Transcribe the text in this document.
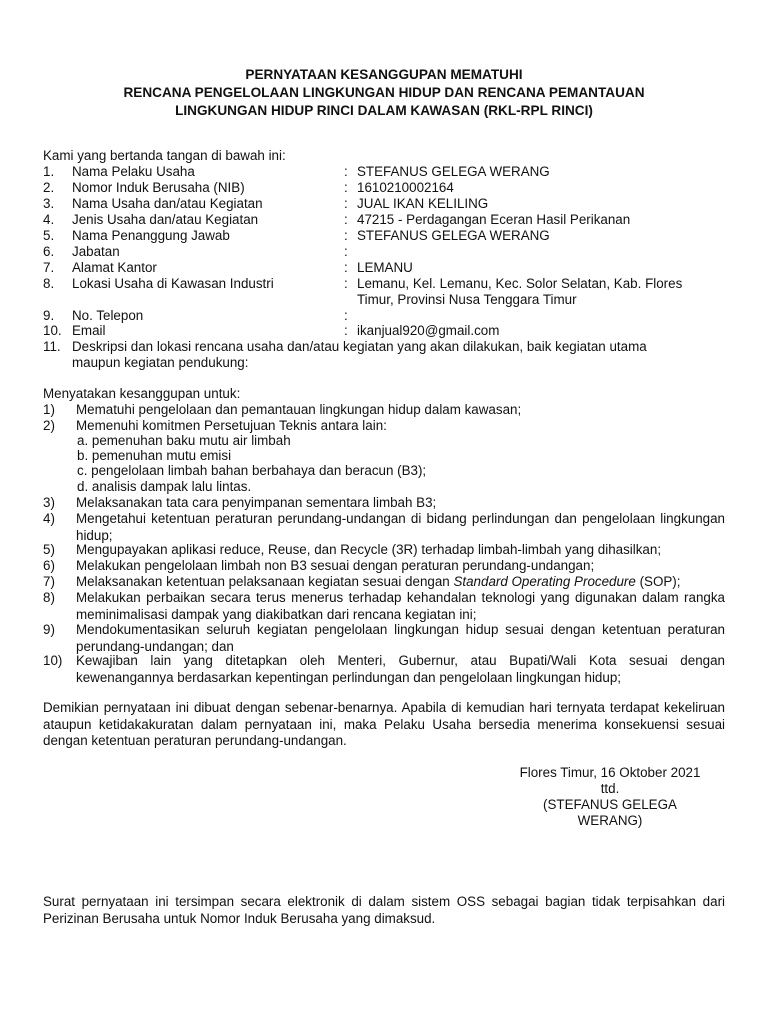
PERNYATAAN KESANGGUPAN MEMATUHI
RENCANA PENGELOLAAN LINGKUNGAN HIDUP DAN RENCANA PEMANTAUAN
LINGKUNGAN HIDUP RINCI DALAM KAWASAN (RKL-RPL RINCI)
Kami yang bertanda tangan di bawah ini:
1. Nama Pelaku Usaha	: STEFANUS GELEGA WERANG
2. Nomor Induk Berusaha (NIB)	: 1610210002164
3. Nama Usaha dan/atau Kegiatan	: JUAL IKAN KELILING
4. Jenis Usaha dan/atau Kegiatan	: 47215 - Perdagangan Eceran Hasil Perikanan
5. Nama Penanggung Jawab	: STEFANUS GELEGA WERANG
6. Jabatan	:
7. Alamat Kantor	: LEMANU
8. Lokasi Usaha di Kawasan Industri	: Lemanu, Kel. Lemanu, Kec. Solor Selatan, Kab. Flores
Timur, Provinsi Nusa Tenggara Timur
9. No. Telepon	:
10. Email	: ikanjual920@gmail.com
11. Deskripsi dan lokasi rencana usaha dan/atau kegiatan yang akan dilakukan, baik kegiatan utama
maupun kegiatan pendukung:
Menyatakan kesanggupan untuk:
1) Mematuhi pengelolaan dan pemantauan lingkungan hidup dalam kawasan;
2) Memenuhi komitmen Persetujuan Teknis antara lain:
a. pemenuhan baku mutu air limbah
b. pemenuhan mutu emisi
c. pengelolaan limbah bahan berbahaya dan beracun (B3);
d. analisis dampak lalu lintas.
3) Melaksanakan tata cara penyimpanan sementara limbah B3;
4) Mengetahui ketentuan peraturan perundang-undangan di bidang perlindungan dan pengelolaan lingkungan hidup;
5) Mengupayakan aplikasi reduce, Reuse, dan Recycle (3R) terhadap limbah-limbah yang dihasilkan;
6) Melakukan pengelolaan limbah non B3 sesuai dengan peraturan perundang-undangan;
7) Melaksanakan ketentuan pelaksanaan kegiatan sesuai dengan Standard Operating Procedure (SOP);
8) Melakukan perbaikan secara terus menerus terhadap kehandalan teknologi yang digunakan dalam rangka meminimalisasi dampak yang diakibatkan dari rencana kegiatan ini;
9) Mendokumentasikan seluruh kegiatan pengelolaan lingkungan hidup sesuai dengan ketentuan peraturan perundang-undangan; dan
10) Kewajiban lain yang ditetapkan oleh Menteri, Gubernur, atau Bupati/Wali Kota sesuai dengan kewenangannya berdasarkan kepentingan perlindungan dan pengelolaan lingkungan hidup;
Demikian pernyataan ini dibuat dengan sebenar-benarnya. Apabila di kemudian hari ternyata terdapat kekeliruan ataupun ketidakakuratan dalam pernyataan ini, maka Pelaku Usaha bersedia menerima konsekuensi sesuai dengan ketentuan peraturan perundang-undangan.
Flores Timur, 16 Oktober 2021
ttd.
(STEFANUS GELEGA
WERANG)
Surat pernyataan ini tersimpan secara elektronik di dalam sistem OSS sebagai bagian tidak terpisahkan dari Perizinan Berusaha untuk Nomor Induk Berusaha yang dimaksud.
